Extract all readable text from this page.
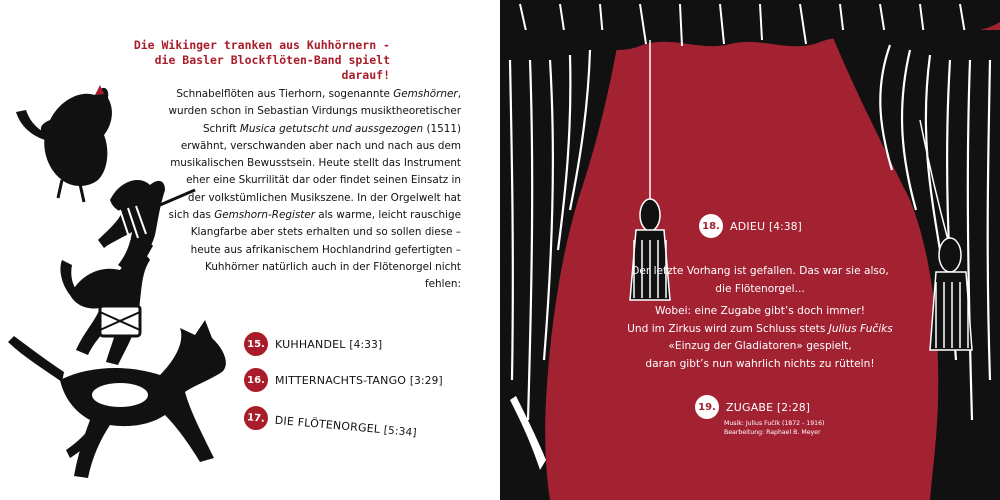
Die Wikinger tranken aus Kuhhörnern -
die Basler Blockflöten-Band spielt darauf!

Schnabelflöten aus Tierhorn, sogenannte Gemshörner, wurden schon in Sebastian Virdungs musiktheoretischer Schrift Musica getutscht und aussgezogen (1511) erwähnt, verschwanden aber nach und nach aus dem musikalischen Bewusstsein. Heute stellt das Instrument eher eine Skurrilität dar oder findet seinen Einsatz in der volkstümlichen Musikszene. In der Orgelwelt hat sich das Gemshorn-Register als warme, leicht rauschige Klangfarbe aber stets erhalten und so sollen diese – heute aus afrikanischem Hochlandrind gefertigten – Kuhhörner natürlich auch in der Flötenorgel nicht fehlen:

15. KUHHANDEL [4:33]
16. MITTERNACHTS-TANGO [3:29]
17. DIE FLÖTENORGEL [5:34]
18. ADIEU [4:38]

Der letzte Vorhang ist gefallen. Das war sie also,
die Flötenorgel...

Wobei: eine Zugabe gibt’s doch immer!
Und im Zirkus wird zum Schluss stets Julius Fučiks
«Einzug der Gladiatoren» gespielt,
daran gibt’s nun wahrlich nichts zu rütteln!

19. ZUGABE [2:28]
Musik: Julius Fučík (1872 - 1916)
Bearbeitung: Raphael B. Meyer
